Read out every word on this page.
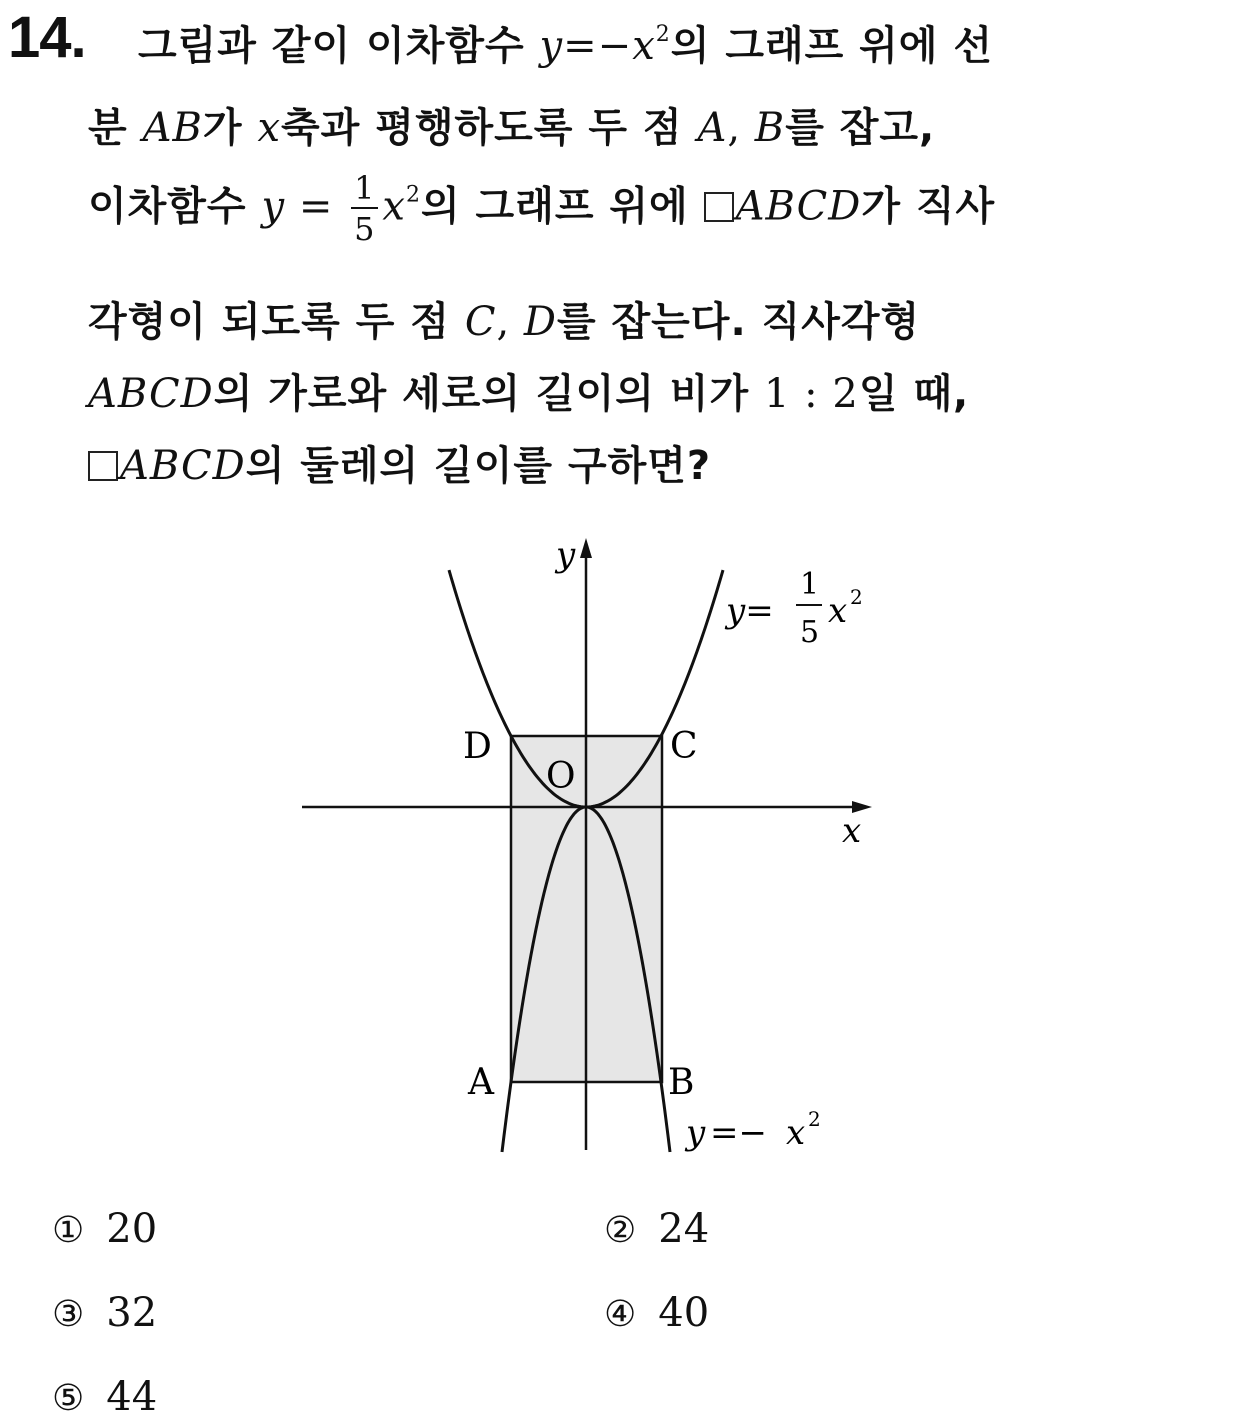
14. 그림과 같이 이차함수 $y=-x^2$의 그래프 위에 선
분 AB가 x축과 평행하도록 두 점 A, B를 잡고,
이차함수 $y = \frac{1}{5} x^2$의 그래프 위에 ABCD가 직사
각형이 되도록 두 점 C, D를 잡는다. 직사각형
ABCD의 가로와 세로의 길이의 비가 1 : 2일 때,
ABCD의 둘레의 길이를 구하면?
y
x
O
D	C
A	B
y=
1
5
x 2
y =− x 2
① 20	② 24
③ 32	④ 40
⑤ 44
